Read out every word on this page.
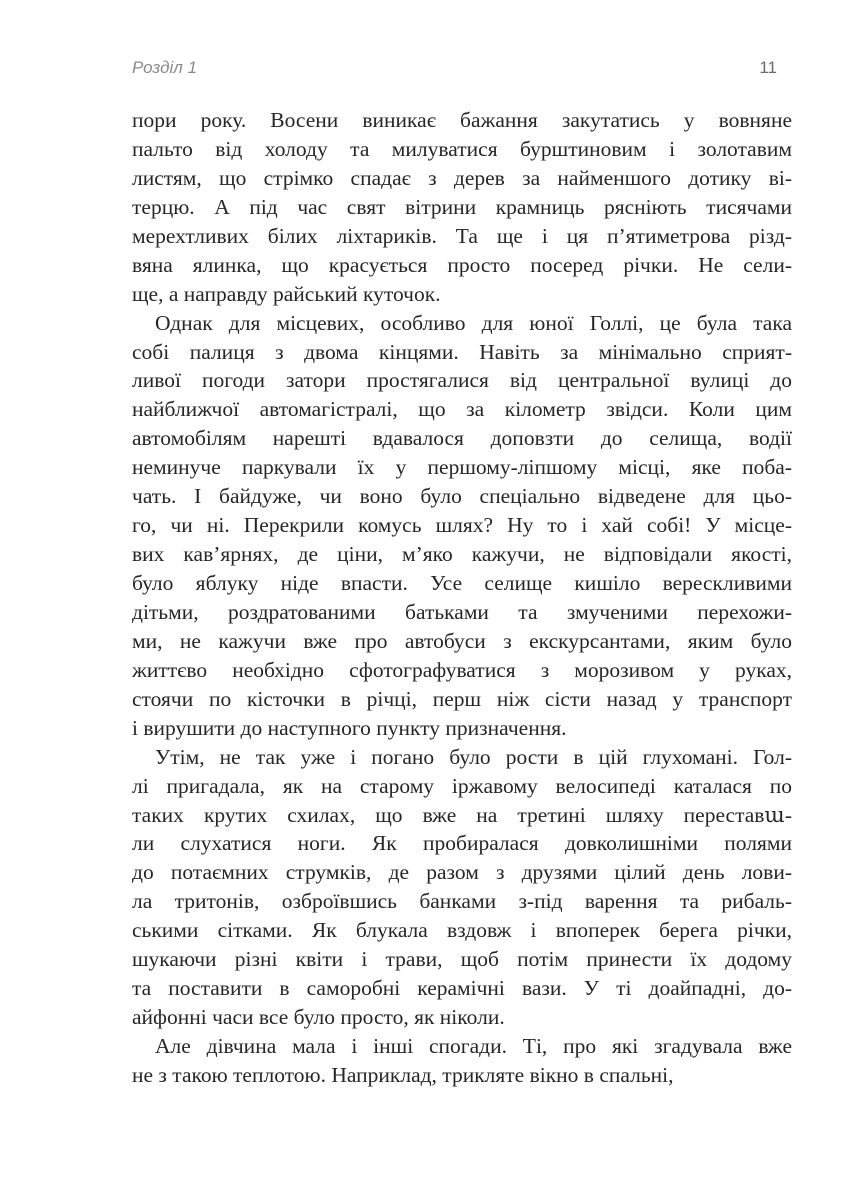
Розділ 1	11
пори року. Восени виникає бажання закутатись у вовняне
пальто від холоду та милуватися бурштиновим і золотавим
листям, що стрімко спадає з дерев за найменшого дотику ві-
терцю. А під час свят вітрини крамниць рясніють тисячами
мерехтливих білих ліхтариків. Та ще і ця п’ятиметрова різд-
вяна ялинка, що красується просто посеред річки. Не сели-
ще, а направду райський куточок.
Однак для місцевих, особливо для юної Голлі, це була така
собі палиця з двома кінцями. Навіть за мінімально сприят-
ливої погоди затори простягалися від центральної вулиці до
найближчої автомагістралі, що за кілометр звідси. Коли цим
автомобілям нарешті вдавалося доповзти до селища, водії
неминуче паркували їх у першому-ліпшому місці, яке поба-
чать. І байдуже, чи воно було спеціально відведене для цьо-
го, чи ні. Перекрили комусь шлях? Ну то і хай собі! У місце-
вих кав’ярнях, де ціни, м’яко кажучи, не відповідали якості,
було яблуку ніде впасти. Усе селище кишіло верескливими
дітьми, роздратованими батьками та змученими перехожи-
ми, не кажучи вже про автобуси з екскурсантами, яким було
життєво необхідно сфотографуватися з морозивом у руках,
стоячи по кісточки в річці, перш ніж сісти назад у транспорт
і вирушити до наступного пункту призначення.
Утім, не так уже і погано було рости в цій глухомані. Гол-
лі пригадала, як на старому іржавому велосипеді каталася по
таких крутих схилах, що вже на третині шляху переставա-
ли слухатися ноги. Як пробиралася довколишніми полями
до потаємних струмків, де разом з друзями цілий день лови-
ла тритонів, озброївшись банками з-під варення та рибаль-
ськими сітками. Як блукала вздовж і впоперек берега річки,
шукаючи різні квіти і трави, щоб потім принести їх додому
та поставити в саморобні керамічні вази. У ті доайпадні, до-
айфонні часи все було просто, як ніколи.
Але дівчина мала і інші спогади. Ті, про які згадувала вже
не з такою теплотою. Наприклад, трикляте вікно в спальні,
